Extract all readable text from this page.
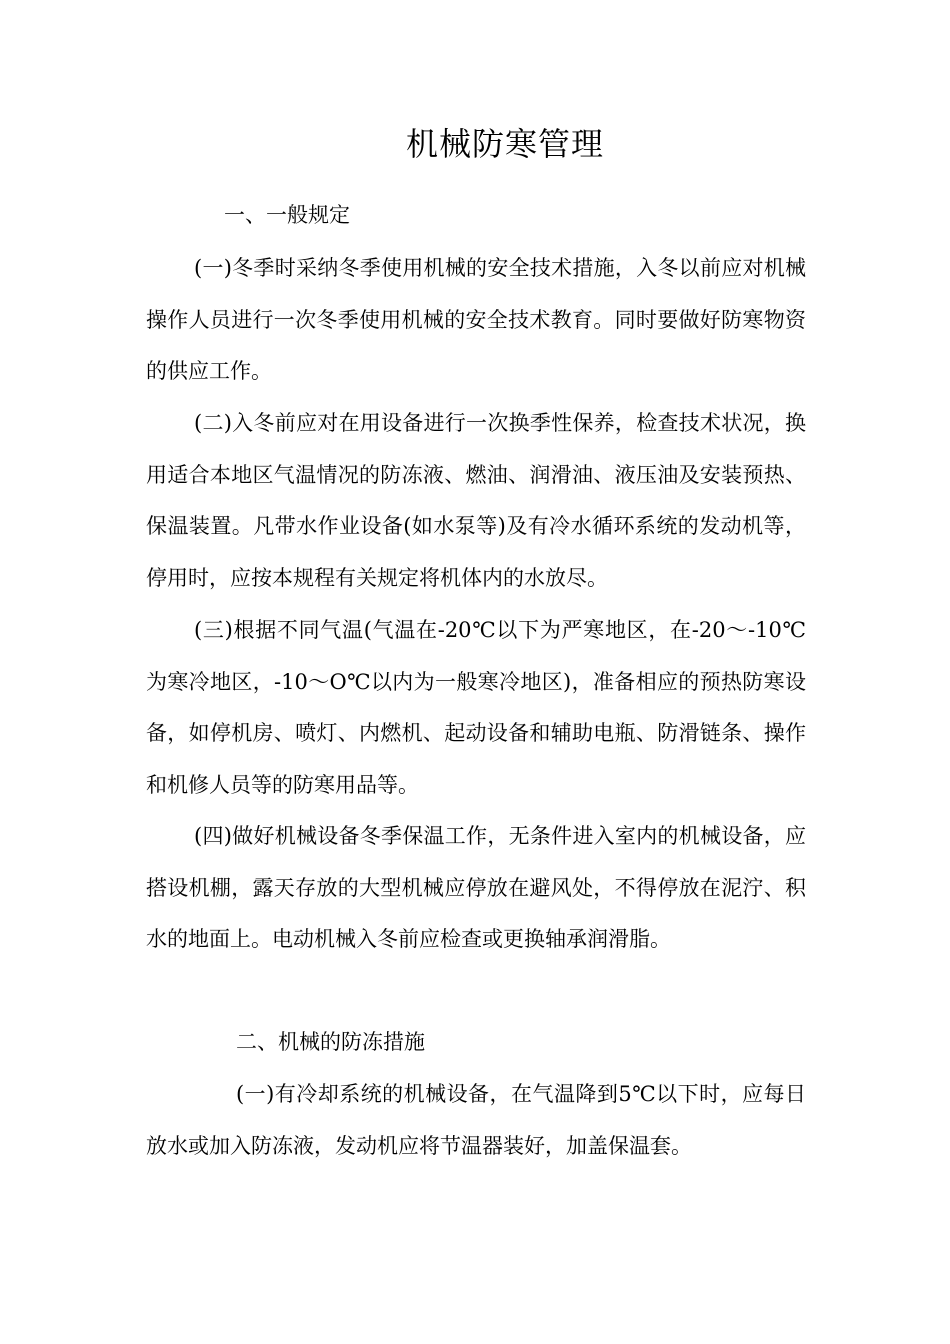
机械防寒管理

一、一般规定

(一)冬季时采纳冬季使用机械的安全技术措施，入冬以前应对机械操作人员进行一次冬季使用机械的安全技术教育。同时要做好防寒物资的供应工作。

(二)入冬前应对在用设备进行一次换季性保养，检查技术状况，换用适合本地区气温情况的防冻液、燃油、润滑油、液压油及安装预热、保温装置。凡带水作业设备(如水泵等)及有冷水循环系统的发动机等，停用时，应按本规程有关规定将机体内的水放尽。

(三)根据不同气温(气温在-20℃以下为严寒地区，在-20～-10℃为寒冷地区，-10～O℃以内为一般寒冷地区)，准备相应的预热防寒设备，如停机房、喷灯、内燃机、起动设备和辅助电瓶、防滑链条、操作和机修人员等的防寒用品等。

(四)做好机械设备冬季保温工作，无条件进入室内的机械设备，应搭设机棚，露天存放的大型机械应停放在避风处，不得停放在泥泞、积水的地面上。电动机械入冬前应检查或更换轴承润滑脂。

二、机械的防冻措施

(一)有冷却系统的机械设备，在气温降到5℃以下时，应每日放水或加入防冻液，发动机应将节温器装好，加盖保温套。
